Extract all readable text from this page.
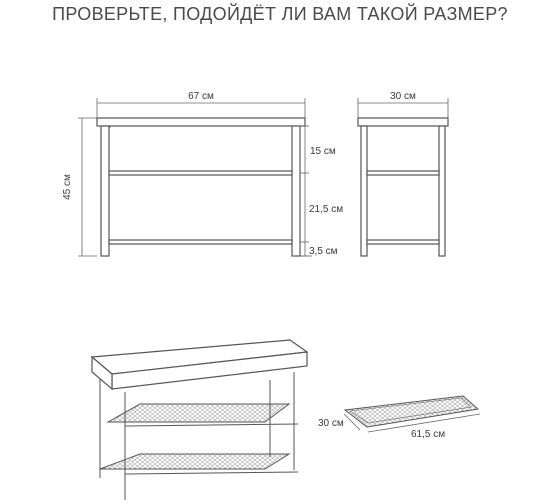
ПРОВЕРЬТЕ, ПОДОЙДЁТ ЛИ ВАМ ТАКОЙ РАЗМЕР?
67 см
45 см
15 см
21,5 см
3,5 см
30 см
30 см
61,5 см
